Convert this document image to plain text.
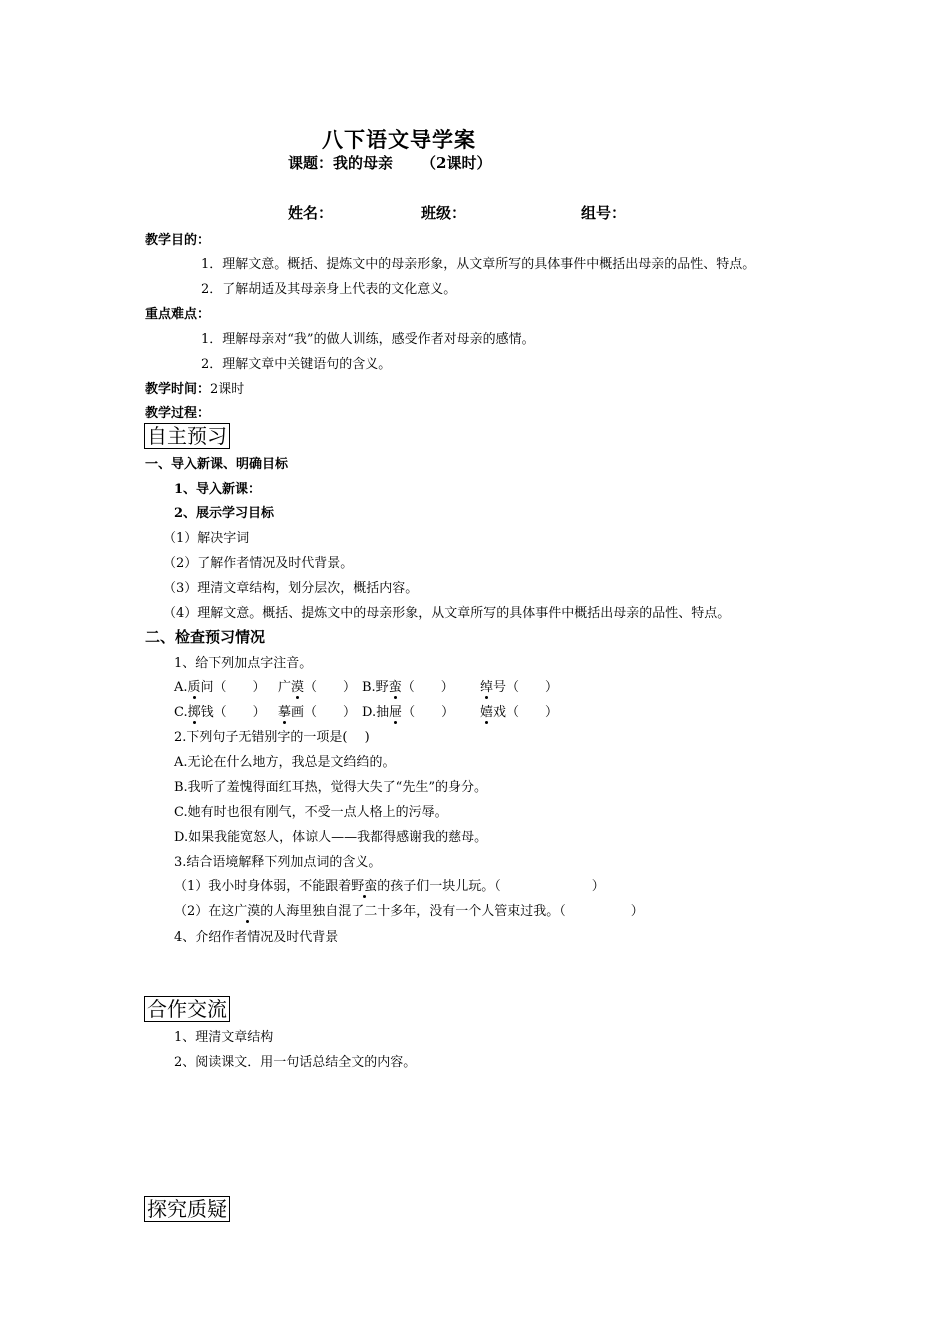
八下语文导学案
课题：我的母亲 （2课时）
姓名：	班级：	组号：
教学目的：
1．理解文意。概括、提炼文中的母亲形象，从文章所写的具体事件中概括出母亲的品性、特点。
2．了解胡适及其母亲身上代表的文化意义。
重点难点：
1．理解母亲对“我”的做人训练，感受作者对母亲的感情。
2．理解文章中关键语句的含义。
教学时间：2课时
教学过程：
自主预习
一、导入新课、明确目标
1、导入新课：
2、展示学习目标
（1）解决字词
（2）了解作者情况及时代背景。
（3）理清文章结构，划分层次，概括内容。
（4）理解文意。概括、提炼文中的母亲形象，从文章所写的具体事件中概括出母亲的品性、特点。
二、检查预习情况
1、给下列加点字注音。
A.质问（　　） 广漠（　　） B.野蛮（　　） 绰号（　　）
C.掷钱（　　） 摹画（　　） D.抽屉（　　） 嬉戏（　　）
2.下列句子无错别字的一项是(　 )
A.无论在什么地方，我总是文绉绉的。
B.我听了羞愧得面红耳热，觉得大失了“先生”的身分。
C.她有时也很有刚气，不受一点人格上的污辱。
D.如果我能宽怒人，体谅人——我都得感谢我的慈母。
3.结合语境解释下列加点词的含义。
（1）我小时身体弱，不能跟着野蛮的孩子们一块儿玩。（　　　　　　　）
（2）在这广漠的人海里独自混了二十多年，没有一个人管束过我。（　　　　　）
4、介绍作者情况及时代背景
合作交流
1、理清文章结构
2、阅读课文．用一句话总结全文的内容。
探究质疑
